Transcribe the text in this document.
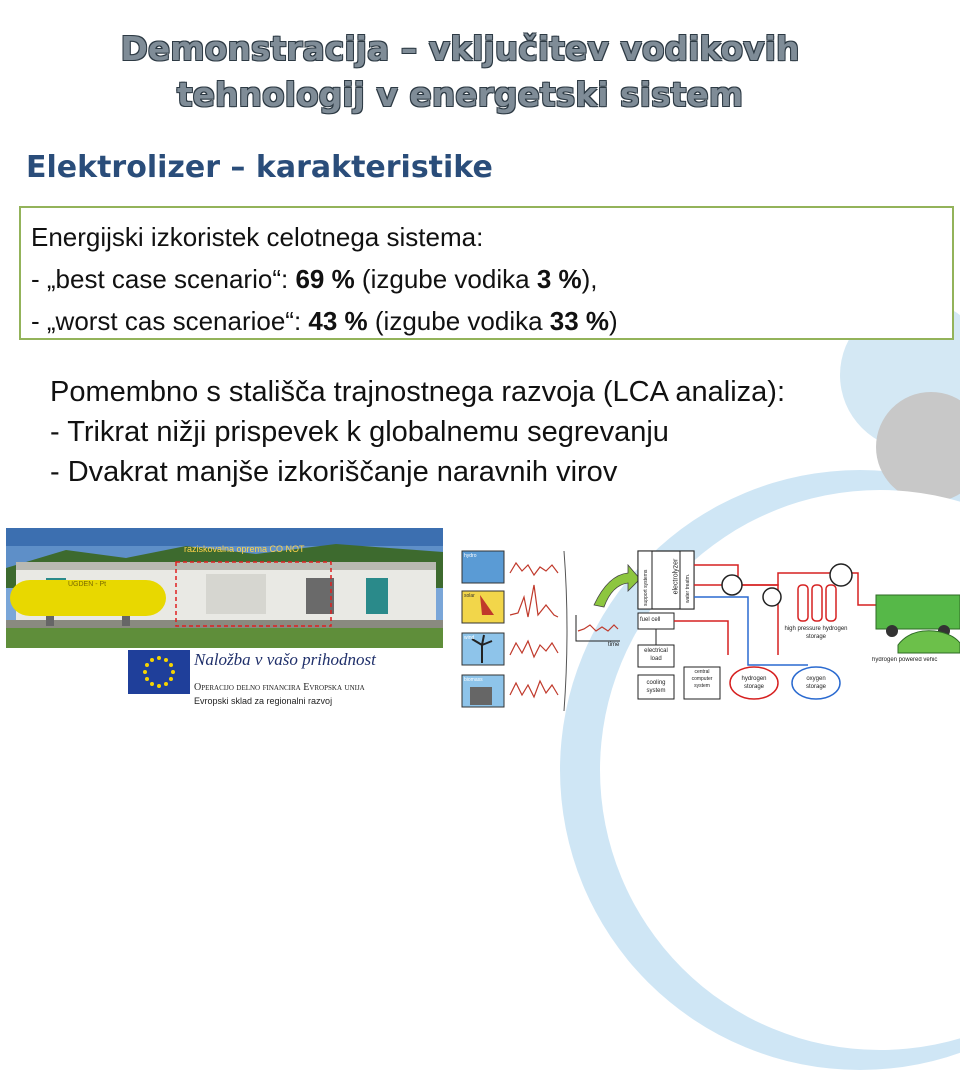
Demonstracija – vključitev vodikovih
tehnologij v energetski sistem
Elektrolizer – karakteristike
Energijski izkoristek celotnega sistema:
- „best case scenario“: 69 % (izgube vodika 3 %),
- „worst cas scenarioe“: 43 % (izgube vodika 33 %)
Pomembno s stališča trajnostnega razvoja (LCA analiza):
- Trikrat nižji prispevek k globalnemu segrevanju
- Dvakrat manjše izkoriščanje naravnih virov
UGDEN - Pt
raziskovalna oprema CO NOT
Naložba v vašo prihodnost
Operacijo delno financira Evropska unija
Evropski sklad za regionalni razvoj
hydro
solar
wind
biomass
time
support systems	electrolyzer water treatm.
fuel cell
electrical load
cooling system
central computer system
hydrogen storage
oxygen storage
high pressure hydrogen storage
hydrogen powered vehic
